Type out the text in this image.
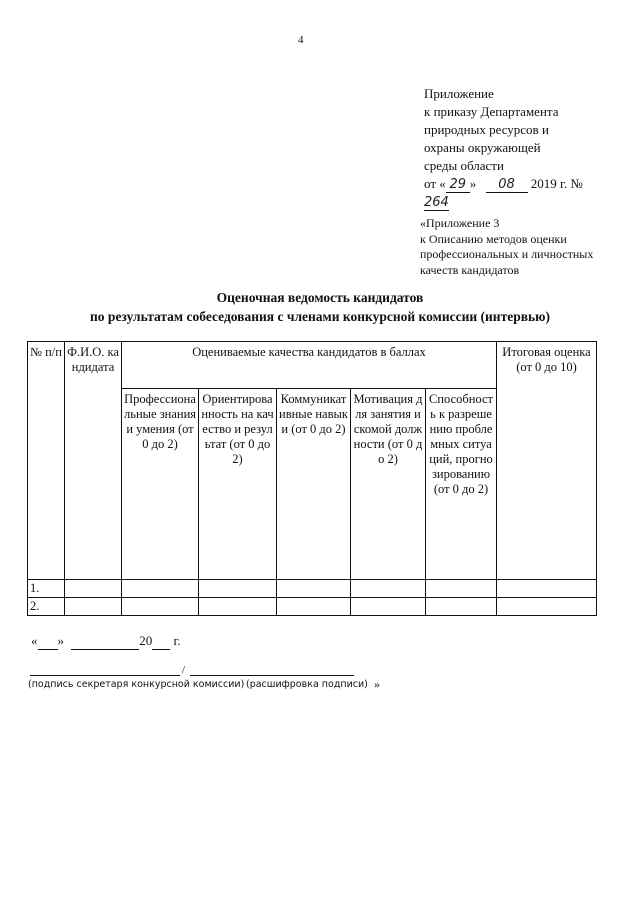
4
Приложение
к приказу Департамента
природных ресурсов и
охраны окружающей
среды области
от « 29 » 08 2019 г. №
264
«Приложение 3
к Описанию методов оценки
профессиональных и личностных
качеств кандидатов
Оценочная ведомость кандидатов
по результатам собеседования с членами конкурсной комиссии (интервью)
№ п/п	Ф.И.О. кандидата	Оцениваемые качества кандидатов в баллах					Итоговая оценка (от 0 до 10)
		Профессиональные знания и умения (от 0 до 2)	Ориентированность на качество и результат (от 0 до 2)	Коммуникативные навыки (от 0 до 2)	Мотивация для занятия искомой должности (от 0 до 2)	Способность к разрешению проблемных ситуаций, прогнозированию (от 0 до 2)	
1.							
2.							
« »	20 г.
/
(подпись секретаря конкурсной комиссии) (расшифровка подписи) »
